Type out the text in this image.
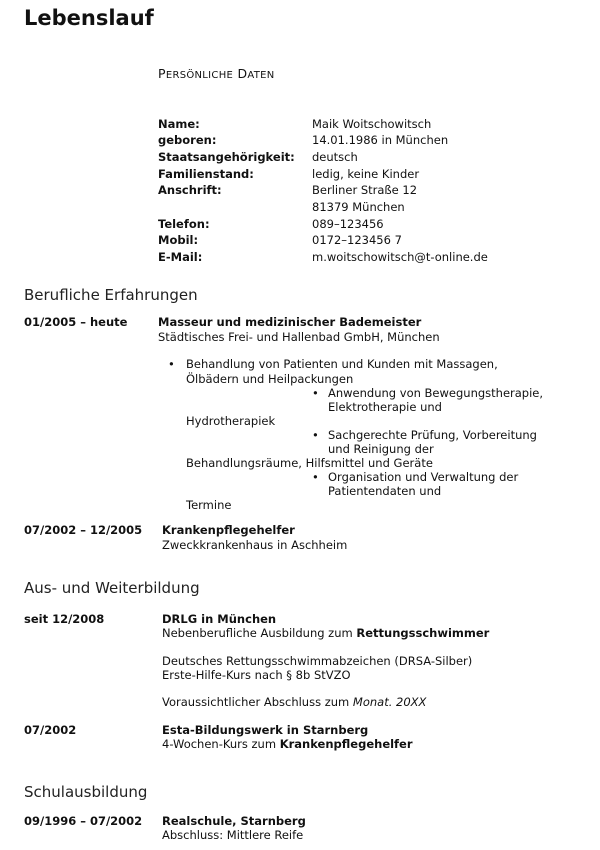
Lebenslauf
PERSÖNLICHE DATEN
Name:	Maik Woitschowitsch
geboren:	14.01.1986 in München
Staatsangehörigkeit: deutsch
Familienstand:	ledig, keine Kinder
Anschrift:	Berliner Straße 12
81379 München
Telefon:	089–123456
Mobil:	0172–123456 7
E-Mail:	m.woitschowitsch@t-online.de
Berufliche Erfahrungen
01/2005 – heute	Masseur und medizinischer Bademeister
Städtisches Frei- und Hallenbad GmbH, München
• Behandlung von Patienten und Kunden mit Massagen,
Ölbädern und Heilpackungen
• Anwendung von Bewegungstherapie,
Elektrotherapie und
Hydrotherapiek
• Sachgerechte Prüfung, Vorbereitung
und Reinigung der
Behandlungsräume, Hilfsmittel und Geräte
• Organisation und Verwaltung der
Patientendaten und
Termine
07/2002 – 12/2005 Krankenpflegehelfer
Zweckkrankenhaus in Aschheim
Aus- und Weiterbildung
seit 12/2008	DRLG in München
Nebenberufliche Ausbildung zum Rettungsschwimmer
Deutsches Rettungsschwimmabzeichen (DRSA-Silber)
Erste-Hilfe-Kurs nach § 8b StVZO
Voraussichtlicher Abschluss zum Monat. 20XX
07/2002	Esta-Bildungswerk in Starnberg
4-Wochen-Kurs zum Krankenpflegehelfer
Schulausbildung
09/1996 – 07/2002 Realschule, Starnberg
Abschluss: Mittlere Reife
